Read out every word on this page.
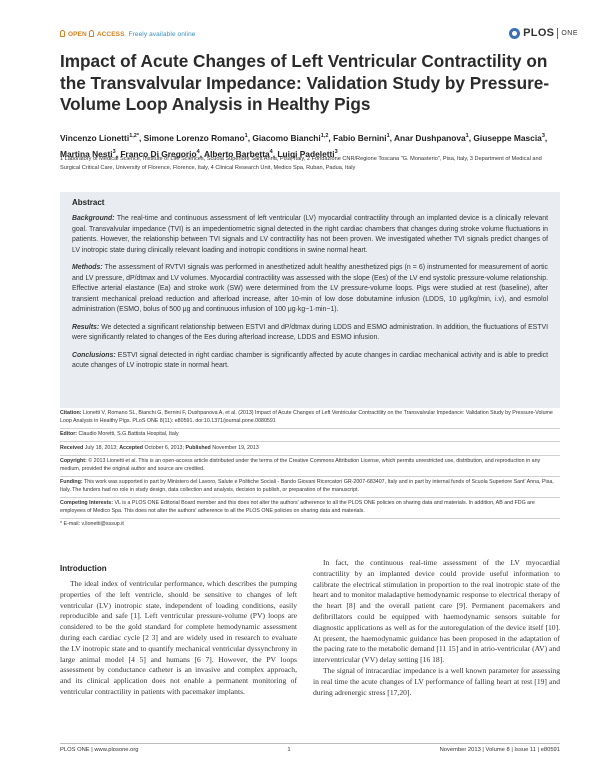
OPEN ACCESS Freely available online	PLOS ONE
Impact of Acute Changes of Left Ventricular Contractility on the Transvalvular Impedance: Validation Study by Pressure-Volume Loop Analysis in Healthy Pigs
Vincenzo Lionetti$^{1,2*}$, Simone Lorenzo Romano$^1$, Giacomo Bianchi$^{1,2}$, Fabio Bernini$^1$, Anar Dushpanova$^1$, Giuseppe Mascia$^3$, Martina Nesti$^3$, Franco Di Gregorio$^4$, Alberto Barbetta$^4$, Luigi Padeletti$^3$
1 Laboratory of Medical Science, Institute of Life Sciences, Scuola Superiore Sant'Anna, Pisa, Italy, 2 Fondazione CNR/Regione Toscana "G. Monasterio", Pisa, Italy, 3 Department of Medical and Surgical Critical Care, University of Florence, Florence, Italy, 4 Clinical Research Unit, Medico Spa, Ruban, Padua, Italy
Abstract

Background: The real-time and continuous assessment of left ventricular (LV) myocardial contractility through an implanted device is a clinically relevant goal. Transvalvular impedance (TVI) is an impedentiometric signal detected in the right cardiac chambers that changes during stroke volume fluctuations in patients. However, the relationship between TVI signals and LV contractility has not been proven. We investigated whether TVI signals predict changes of LV inotropic state during clinically relevant loading and inotropic conditions in swine normal heart.

Methods: The assessment of RVTVI signals was performed in anesthetized adult healthy anesthetized pigs (n = 6) instrumented for measurement of aortic and LV pressure, dP/dtmax and LV volumes. Myocardial contractility was assessed with the slope (Ees) of the LV end systolic pressure-volume relationship. Effective arterial elastance (Ea) and stroke work (SW) were determined from the LV pressure-volume loops. Pigs were studied at rest (baseline), after transient mechanical preload reduction and afterload increase, after 10-min of low dose dobutamine infusion (LDDS, 10 μg/kg/min, i.v), and esmolol administration (ESMO, bolus of 500 μg and continuous infusion of 100 μg·kg−1·min−1).

Results: We detected a significant relationship between ESTVI and dP/dtmax during LDDS and ESMO administration. In addition, the fluctuations of ESTVI were significantly related to changes of the Ees during afterload increase, LDDS and ESMO infusion.

Conclusions: ESTVI signal detected in right cardiac chamber is significantly affected by acute changes in cardiac mechanical activity and is able to predict acute changes of LV inotropic state in normal heart.

Citation: Lionetti V, Romano SL, Bianchi G, Bernini F, Dushpanova A, et al. (2013) Impact of Acute Changes of Left Ventricular Contractility on the Transvalvular Impedance: Validation Study by Pressure-Volume Loop Analysis in Healthy Pigs. PLoS ONE 8(11): e80591. doi:10.1371/journal.pone.0080591
Editor: Claudio Moretti, S.G.Battista Hospital, Italy
Received July 18, 2013; Accepted October 6, 2013; Published November 19, 2013
Copyright: © 2013 Lionetti et al. This is an open-access article distributed under the terms of the Creative Commons Attribution License, which permits unrestricted use, distribution, and reproduction in any medium, provided the original author and source are credited.
Funding: This work was supported in part by Ministero del Lavoro, Salute e Politiche Sociali - Bando Giovani Ricercatori GR-2007-683407, Italy and in part by internal funds of Scuola Superiore Sant' Anna, Pisa, Italy. The funders had no role in study design, data collection and analysis, decision to publish, or preparation of the manuscript.
Competing Interests: VL is a PLOS ONE Editorial Board member and this does not alter the authors' adherence to all the PLOS ONE policies on sharing data and materials. In addition, AB and FDG are employees of Medico Spa. This does not alter the authors' adherence to all the PLOS ONE policies on sharing data and materials.
* E-mail: v.lionetti@sssup.it
Introduction

The ideal index of ventricular performance, which describes the pumping properties of the left ventricle, should be sensitive to changes of left ventricular (LV) inotropic state, independent of loading conditions, easily reproducible and safe [1]. Left ventricular pressure-volume (PV) loops are considered to be the gold standard for complete hemodynamic assessment during each cardiac cycle [2 3] and are widely used in research to evaluate the LV inotropic state and to quantify mechanical ventricular dyssynchrony in large animal model [4 5] and humans [6 7]. However, the PV loops assessment by conductance catheter is an invasive and complex approach, and its clinical application does not enable a permanent monitoring of ventricular contractility in patients with pacemaker implants.

In fact, the continuous real-time assessment of the LV myocardial contractility by an implanted device could provide useful information to calibrate the electrical stimulation in proportion to the real inotropic state of the heart and to monitor maladaptive hemodynamic response to electrical therapy of the heart [8] and the overall patient care [9]. Permanent pacemakers and defibrillators could be equipped with haemodynamic sensors suitable for diagnostic applications as well as for the autoregulation of the device itself [10]. At present, the haemodynamic guidance has been proposed in the adaptation of the pacing rate to the metabolic demand [11 15] and in atrio-ventricular (AV) and interventricular (VV) delay setting [16 18].

The signal of intracardiac impedance is a well known parameter for assessing in real time the acute changes of LV performance of falling heart at rest [19] and during adrenergic stress [17,20].

PLOS ONE | www.plosone.org	1	November 2013 | Volume 8 | Issue 11 | e80591
